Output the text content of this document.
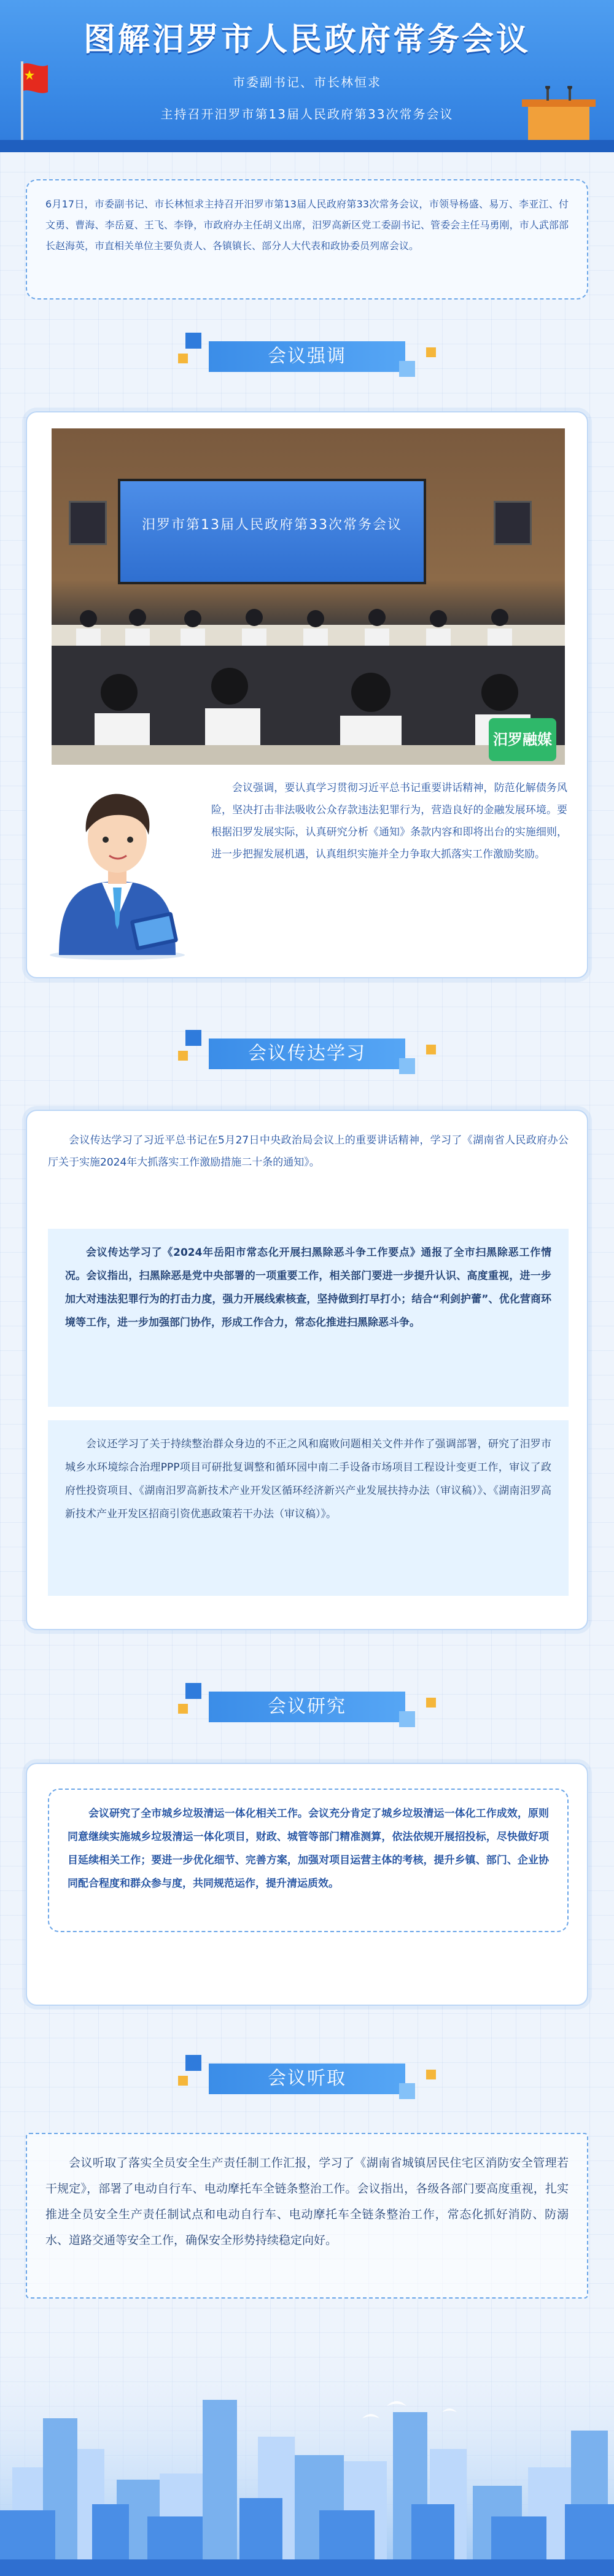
图解汨罗市人民政府常务会议
市委副书记、市长林恒求
主持召开汨罗市第13届人民政府第33次常务会议
6月17日，市委副书记、市长林恒求主持召开汨罗市第13届人民政府第33次常务会议，市领导杨盛、易万、李亚江、付文勇、曹海、李岳夏、王飞、李铮，市政府办主任胡义出席，汨罗高新区党工委副书记、管委会主任马勇刚，市人武部部长赵海英，市直相关单位主要负责人、各镇镇长、部分人大代表和政协委员列席会议。
会议强调
汨罗市第13届人民政府第33次常务会议
汨罗融媒
会议强调，要认真学习贯彻习近平总书记重要讲话精神，防范化解债务风险，坚决打击非法吸收公众存款违法犯罪行为，营造良好的金融发展环境。要根据汨罗发展实际，认真研究分析《通知》条款内容和即将出台的实施细则，进一步把握发展机遇，认真组织实施并全力争取大抓落实工作激励奖励。
会议传达学习
会议传达学习了习近平总书记在5月27日中央政治局会议上的重要讲话精神，学习了《湖南省人民政府办公厅关于实施2024年大抓落实工作激励措施二十条的通知》。
会议传达学习了《2024年岳阳市常态化开展扫黑除恶斗争工作要点》通报了全市扫黑除恶工作情况。会议指出，扫黑除恶是党中央部署的一项重要工作，相关部门要进一步提升认识、高度重视，进一步加大对违法犯罪行为的打击力度，强力开展线索核查，坚持做到打早打小；结合“利剑护蕾”、优化营商环境等工作，进一步加强部门协作，形成工作合力，常态化推进扫黑除恶斗争。
会议还学习了关于持续整治群众身边的不正之风和腐败问题相关文件并作了强调部署，研究了汨罗市城乡水环境综合治理PPP项目可研批复调整和循环园中南二手设备市场项目工程设计变更工作，审议了政府性投资项目、《湖南汨罗高新技术产业开发区循环经济新兴产业发展扶持办法（审议稿）》、《湖南汨罗高新技术产业开发区招商引资优惠政策若干办法（审议稿）》。
会议研究
会议研究了全市城乡垃圾清运一体化相关工作。会议充分肯定了城乡垃圾清运一体化工作成效，原则同意继续实施城乡垃圾清运一体化项目，财政、城管等部门精准测算，依法依规开展招投标，尽快做好项目延续相关工作；要进一步优化细节、完善方案，加强对项目运营主体的考核，提升乡镇、部门、企业协同配合程度和群众参与度，共同规范运作，提升清运质效。
会议听取
会议听取了落实全员安全生产责任制工作汇报，学习了《湖南省城镇居民住宅区消防安全管理若干规定》，部署了电动自行车、电动摩托车全链条整治工作。会议指出，各级各部门要高度重视，扎实推进全员安全生产责任制试点和电动自行车、电动摩托车全链条整治工作，常态化抓好消防、防溺水、道路交通等安全工作，确保安全形势持续稳定向好。
